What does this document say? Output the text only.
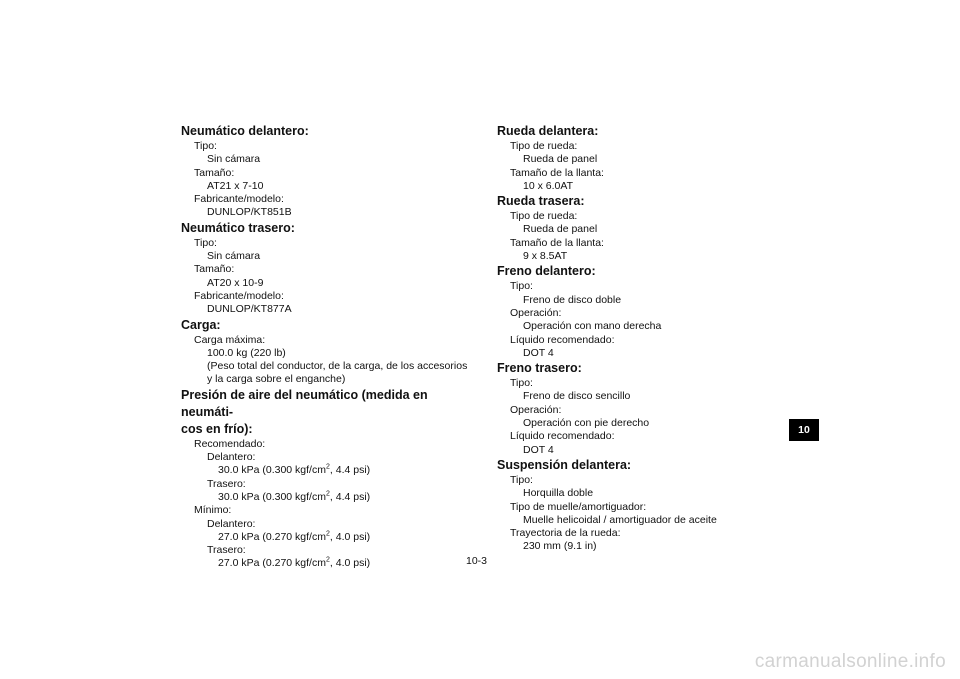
Neumático delantero:
Tipo:
Sin cámara
Tamaño:
AT21 x 7-10
Fabricante/modelo:
DUNLOP/KT851B
Neumático trasero:
Tipo:
Sin cámara
Tamaño:
AT20 x 10-9
Fabricante/modelo:
DUNLOP/KT877A
Carga:
Carga máxima:
100.0 kg (220 lb)
(Peso total del conductor, de la carga, de los accesorios
y la carga sobre el enganche)
Presión de aire del neumático (medida en neumáti-
cos en frío):
Recomendado:
Delantero:
30.0 kPa (0.300 kgf/$cm^2$, 4.4 psi)
Trasero:
30.0 kPa (0.300 kgf/$cm^2$, 4.4 psi)
Mínimo:
Delantero:
27.0 kPa (0.270 kgf/$cm^2$, 4.0 psi)
Trasero:
27.0 kPa (0.270 kgf/$cm^2$, 4.0 psi)
Rueda delantera:
Tipo de rueda:
Rueda de panel
Tamaño de la llanta:
10 x 6.0AT
Rueda trasera:
Tipo de rueda:
Rueda de panel
Tamaño de la llanta:
9 x 8.5AT
Freno delantero:
Tipo:
Freno de disco doble
Operación:
Operación con mano derecha
Líquido recomendado:
DOT 4
Freno trasero:
Tipo:
Freno de disco sencillo
Operación:
Operación con pie derecho
Líquido recomendado:
DOT 4
Suspensión delantera:
Tipo:
Horquilla doble
Tipo de muelle/amortiguador:
Muelle helicoidal / amortiguador de aceite
Trayectoria de la rueda:
230 mm (9.1 in)
10
10-3
carmanualsonline.info
